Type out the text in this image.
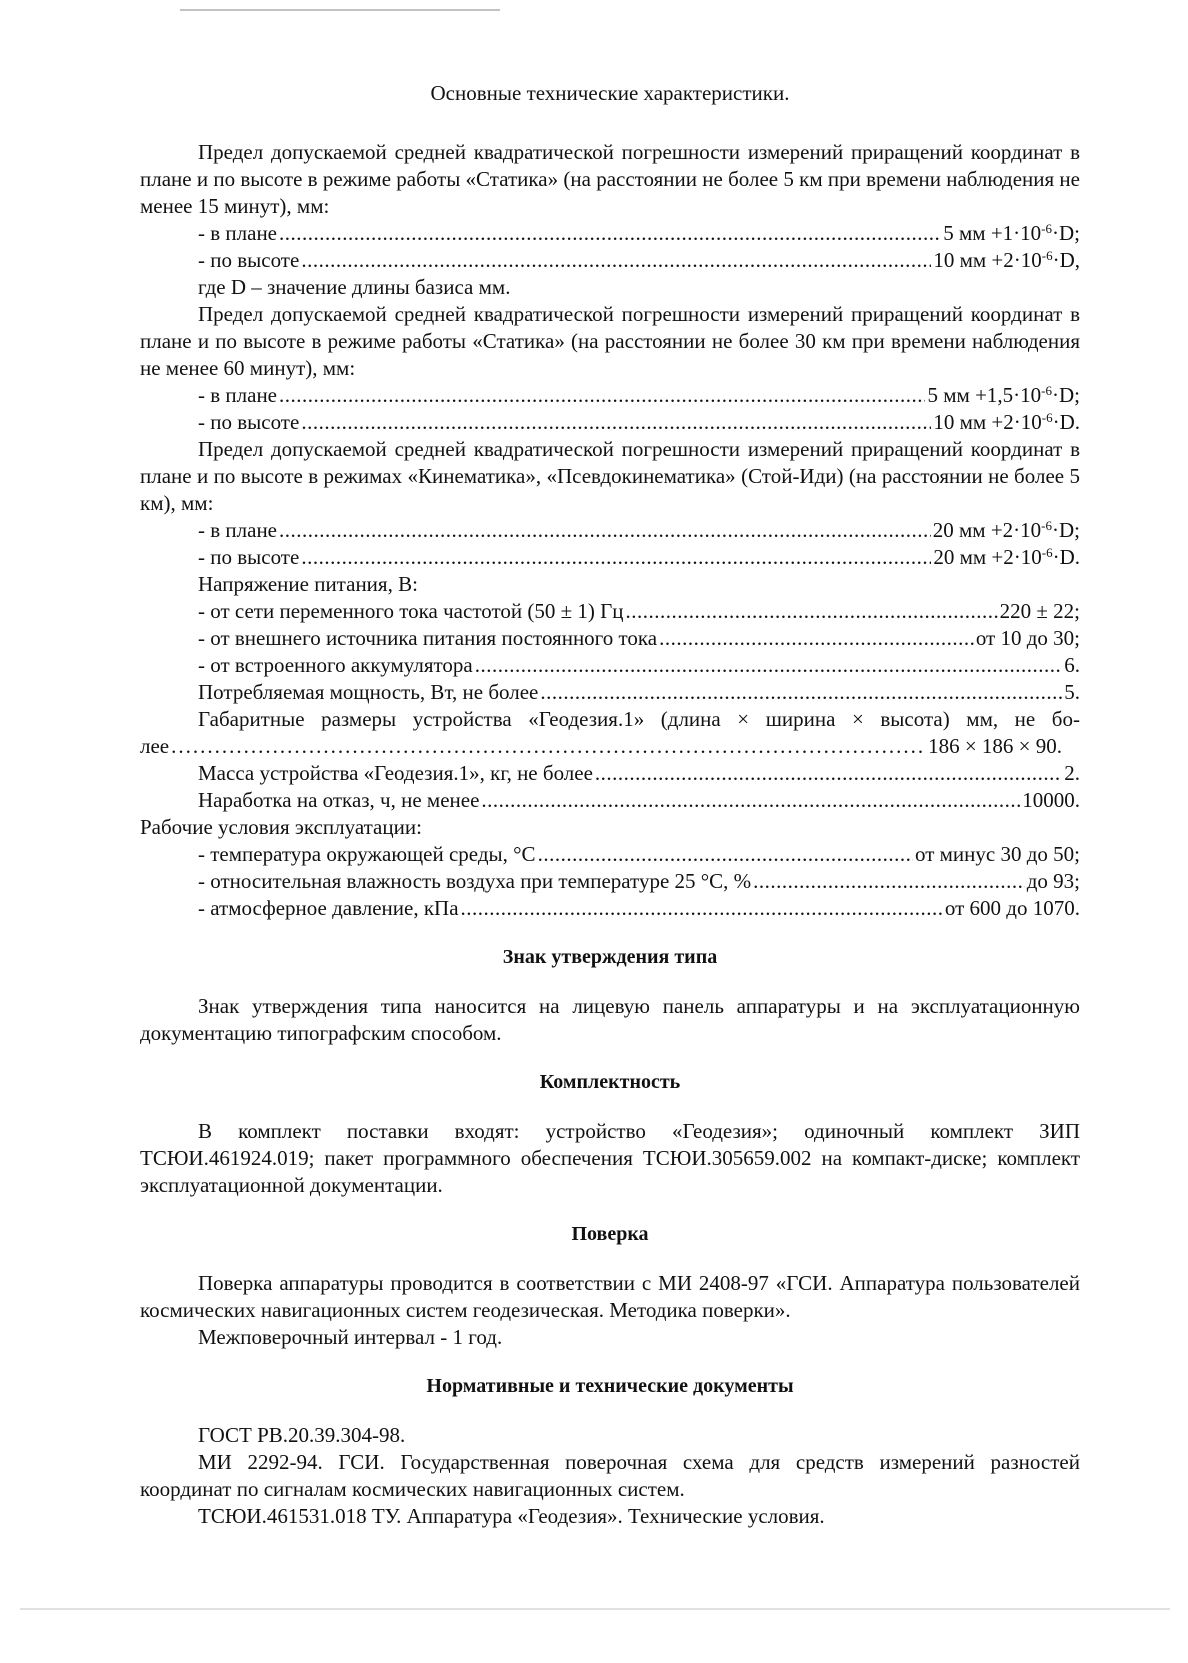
Основные технические характеристики.

Предел допускаемой средней квадратической погрешности измерений приращений координат в плане и по высоте в режиме работы «Статика» (на расстоянии не более 5 км при времени наблюдения не менее 15 минут), мм:

- в плане .....	5 мм $+1\cdot 10^{-6}\cdot D$;
- по высоте .....	10 мм $+2\cdot 10^{-6}\cdot D$,

где D – значение длины базиса мм.

Предел допускаемой средней квадратической погрешности измерений приращений координат в плане и по высоте в режиме работы «Статика» (на расстоянии не более 30 км при времени наблюдения не менее 60 минут), мм:

- в плане .....	5 мм $+1,5\cdot 10^{-6}\cdot D$;
- по высоте .....	10 мм $+2\cdot 10^{-6}\cdot D$.

Предел допускаемой средней квадратической погрешности измерений приращений координат в плане и по высоте в режимах «Кинематика», «Псевдокинематика» (Стой-Иди) (на расстоянии не более 5 км), мм:

- в плане .....	20 мм $+2\cdot 10^{-6}\cdot D$;
- по высоте .....	20 мм $+2\cdot 10^{-6}\cdot D$.

Напряжение питания, В:

- от сети переменного тока частотой (50 ± 1) Гц .....	220 ± 22;
- от внешнего источника питания постоянного тока .....	от 10 до 30;
- от встроенного аккумулятора .....	6.
Потребляемая мощность, Вт, не более .....	5.

Габаритные размеры устройства «Геодезия.1» (длина × ширина × высота) мм, не бо-

лее .....	186 × 186 × 90.
Масса устройства «Геодезия.1», кг, не более .....	2.
Наработка на отказ, ч, не менее .....	10000.

Рабочие условия эксплуатации:

- температура окружающей среды, °С .....	от минус 30 до 50;
- относительная влажность воздуха при температуре 25 °С, % .....	до 93;
- атмосферное давление, кПа .....	от 600 до 1070.
Знак утверждения типа

Знак утверждения типа наносится на лицевую панель аппаратуры и на эксплуатационную документацию типографским способом.

Комплектность

В комплект поставки входят: устройство «Геодезия»; одиночный комплект ЗИП ТСЮИ.461924.019; пакет программного обеспечения ТСЮИ.305659.002 на компакт-диске; комплект эксплуатационной документации.

Поверка

Поверка аппаратуры проводится в соответствии с МИ 2408-97 «ГСИ. Аппаратура пользователей космических навигационных систем геодезическая. Методика поверки».

Межповерочный интервал - 1 год.

Нормативные и технические документы

ГОСТ РВ.20.39.304-98.

МИ 2292-94. ГСИ. Государственная поверочная схема для средств измерений разностей координат по сигналам космических навигационных систем.

ТСЮИ.461531.018 ТУ. Аппаратура «Геодезия». Технические условия.
